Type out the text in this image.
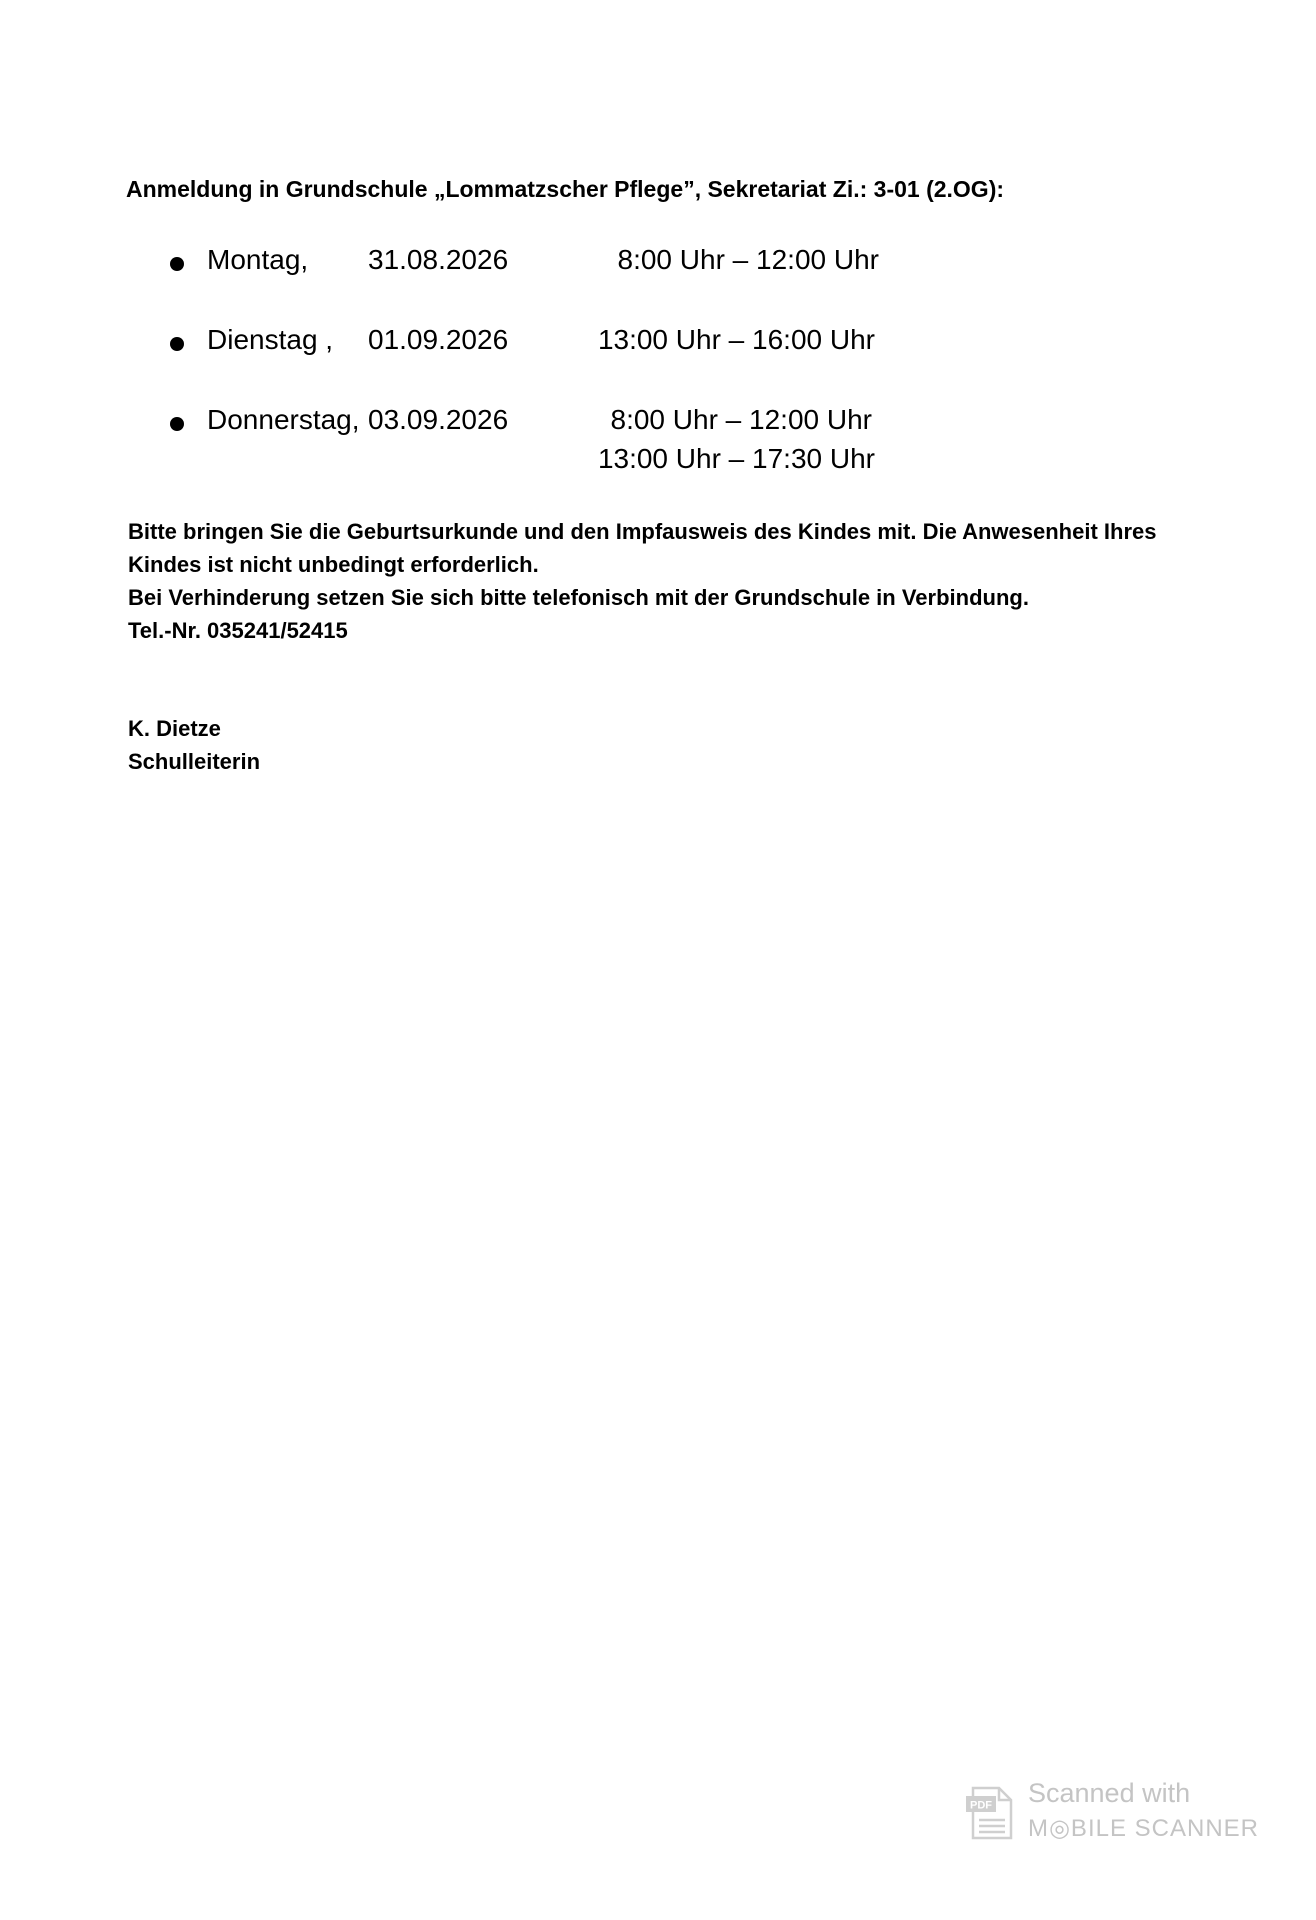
Anmeldung in Grundschule „Lommatzscher Pflege”, Sekretariat Zi.: 3-01 (2.OG):
Montag, 31.08.2026	8:00 Uhr – 12:00 Uhr
Dienstag , 01.09.2026	13:00 Uhr – 16:00 Uhr
Donnerstag, 03.09.2026	8:00 Uhr – 12:00 Uhr
13:00 Uhr – 17:30 Uhr
Bitte bringen Sie die Geburtsurkunde und den Impfausweis des Kindes mit. Die Anwesenheit Ihres
Kindes ist nicht unbedingt erforderlich.
Bei Verhinderung setzen Sie sich bitte telefonisch mit der Grundschule in Verbindung.
Tel.-Nr. 035241/52415
K. Dietze
Schulleiterin
PDF Scanned with
M◎BILE SCANNER
